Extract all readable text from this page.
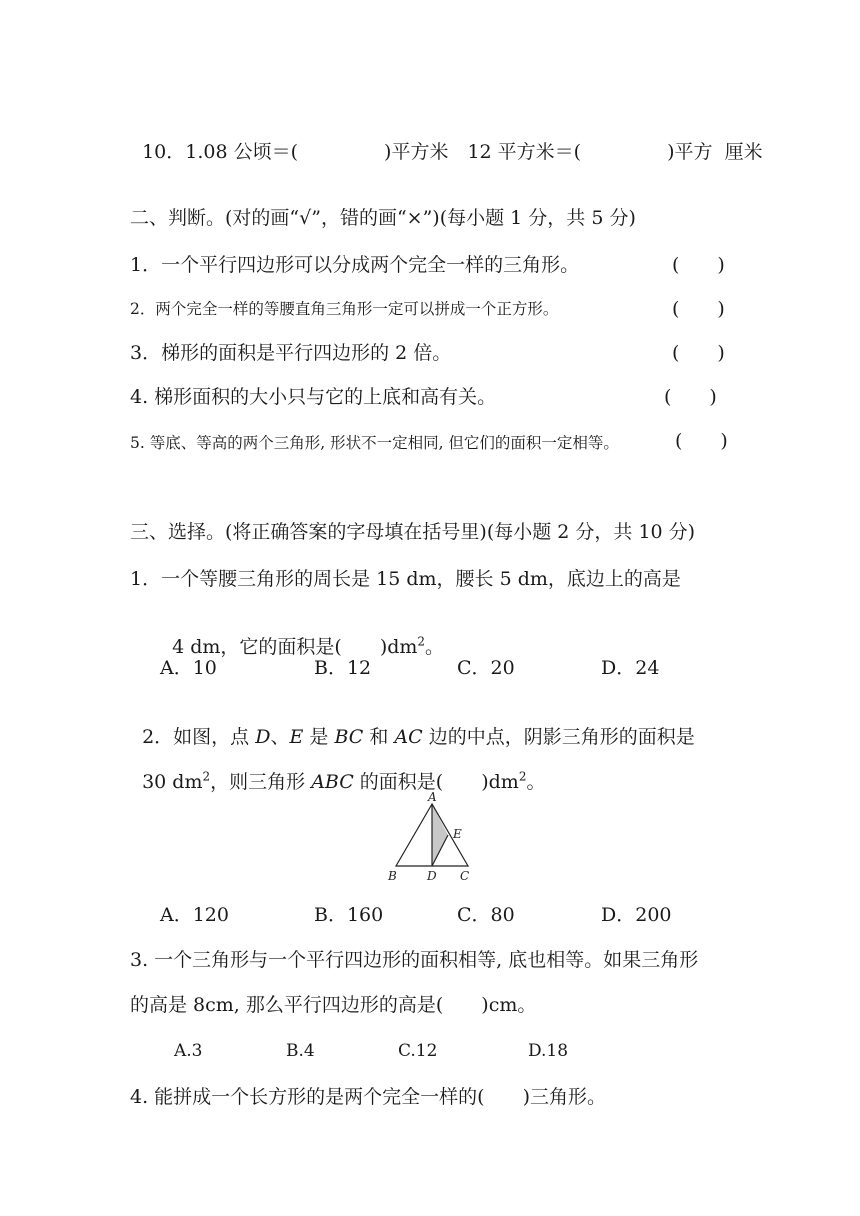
10．1.08 公顷＝(	)平方米　12 平方米＝(	)平方  厘米

二、判断。(对的画“√”，错的画“×”)(每小题 1 分，共 5 分)
1．一个平行四边形可以分成两个完全一样的三角形。	(　　)
2．两个完全一样的等腰直角三角形一定可以拼成一个正方形。	(　　)
3．梯形的面积是平行四边形的 2 倍。	(　　)
4. 梯形面积的大小只与它的上底和高有关。	(　　)
5. 等底、等高的两个三角形, 形状不一定相同, 但它们的面积一定相等。	(　　)
三、选择。(将正确答案的字母填在括号里)(每小题 2 分，共 10 分)
1．一个等腰三角形的周长是 15 dm，腰长 5 dm，底边上的高是

4 dm，它的面积是(　　)$dm^2$。

A．10	B．12	C．20	D．24

2．如图，点 D、E 是 BC 和 AC 边的中点，阴影三角形的面积是

30 $dm^2$，则三角形 ABC 的面积是(　　)$dm^2$。

A
E
B	D C
A．120	B．160	C．80	D．200
3. 一个三角形与一个平行四边形的面积相等, 底也相等。如果三角形
的高是 8cm, 那么平行四边形的高是(　　)cm。
A.3	B.4	C.12	D.18
4. 能拼成一个长方形的是两个完全一样的(　　)三角形。
